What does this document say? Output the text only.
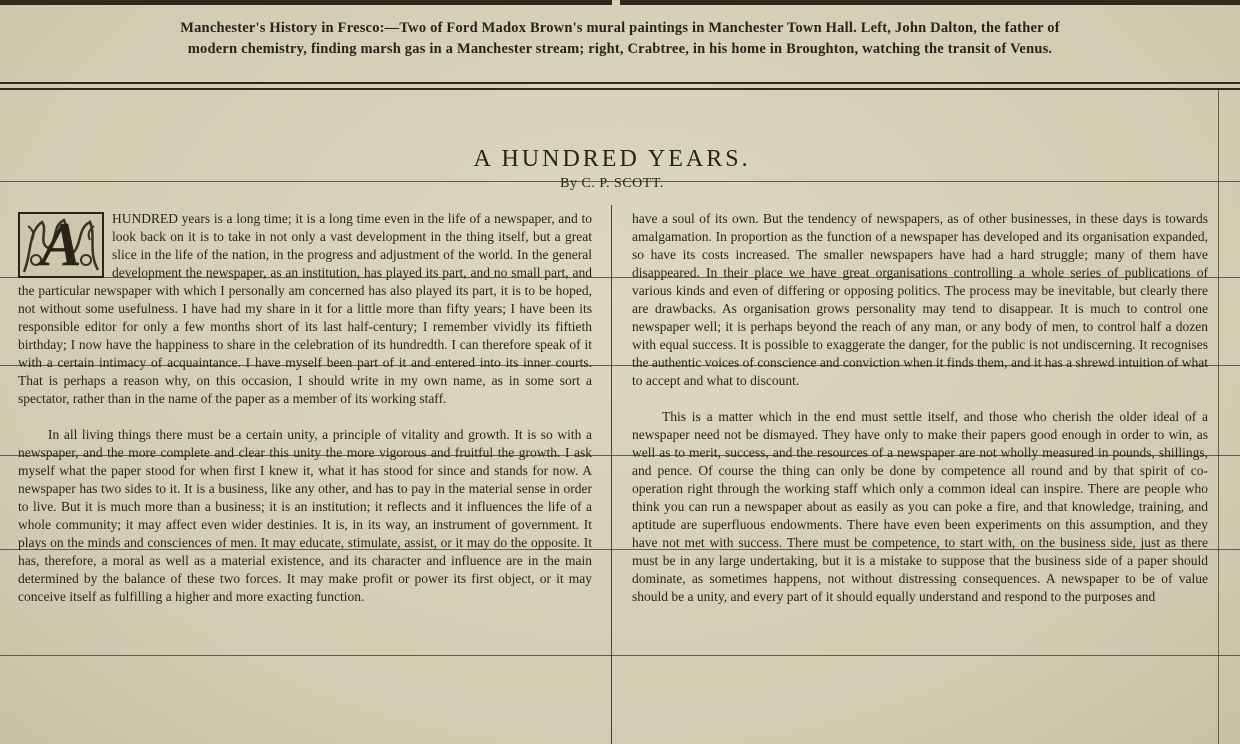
Manchester's History in Fresco:—Two of Ford Madox Brown's mural paintings in Manchester Town Hall. Left, John Dalton, the father of
modern chemistry, finding marsh gas in a Manchester stream; right, Crabtree, in his home in Broughton, watching the transit of Venus.
A HUNDRED YEARS.
By C. P. SCOTT.
A	HUNDRED years is a long time; it is a long time even in the life of a newspaper, and to look back on it is to take in not only a vast development in the thing itself, but a great slice in the life of the nation, in the progress and adjustment of the world. In the general development the newspaper, as an institution, has played its part, and no small part, and the particular newspaper with which I personally am concerned has also played its part, it is to be hoped, not without some usefulness. I have had my share in it for a little more than fifty years; I have been its responsible editor for only a few months short of its last half-century; I remember vividly its fiftieth birthday; I now have the happiness to share in the celebration of its hundredth. I can therefore speak of it with a certain intimacy of acquaintance. I have myself been part of it and entered into its inner courts. That is perhaps a reason why, on this occasion, I should write in my own name, as in some sort a spectator, rather than in the name of the paper as a member of its working staff.

In all living things there must be a certain unity, a principle of vitality and growth. It is so with a newspaper, and the more complete and clear this unity the more vigorous and fruitful the growth. I ask myself what the paper stood for when first I knew it, what it has stood for since and stands for now. A newspaper has two sides to it. It is a business, like any other, and has to pay in the material sense in order to live. But it is much more than a business; it is an institution; it reflects and it influences the life of a whole community; it may affect even wider destinies. It is, in its way, an instrument of government. It plays on the minds and consciences of men. It may educate, stimulate, assist, or it may do the opposite. It has, therefore, a moral as well as a material existence, and its character and influence are in the main determined by the balance of these two forces. It may make profit or power its first object, or it may conceive itself as fulfilling a higher and more exacting function.

have a soul of its own. But the tendency of newspapers, as of other businesses, in these days is towards amalgamation. In proportion as the function of a newspaper has developed and its organisation expanded, so have its costs increased. The smaller newspapers have had a hard struggle; many of them have disappeared. In their place we have great organisations controlling a whole series of publications of various kinds and even of differing or opposing politics. The process may be inevitable, but clearly there are drawbacks. As organisation grows personality may tend to disappear. It is much to control one newspaper well; it is perhaps beyond the reach of any man, or any body of men, to control half a dozen with equal success. It is possible to exaggerate the danger, for the public is not undiscerning. It recognises the authentic voices of conscience and conviction when it finds them, and it has a shrewd intuition of what to accept and what to discount.

This is a matter which in the end must settle itself, and those who cherish the older ideal of a newspaper need not be dismayed. They have only to make their papers good enough in order to win, as well as to merit, success, and the resources of a newspaper are not wholly measured in pounds, shillings, and pence. Of course the thing can only be done by competence all round and by that spirit of co-operation right through the working staff which only a common ideal can inspire. There are people who think you can run a newspaper about as easily as you can poke a fire, and that knowledge, training, and aptitude are superfluous endowments. There have even been experiments on this assumption, and they have not met with success. There must be competence, to start with, on the business side, just as there must be in any large undertaking, but it is a mistake to suppose that the business side of a paper should dominate, as sometimes happens, not without distressing consequences. A newspaper to be of value should be a unity, and every part of it should equally understand and respond to the purposes and
